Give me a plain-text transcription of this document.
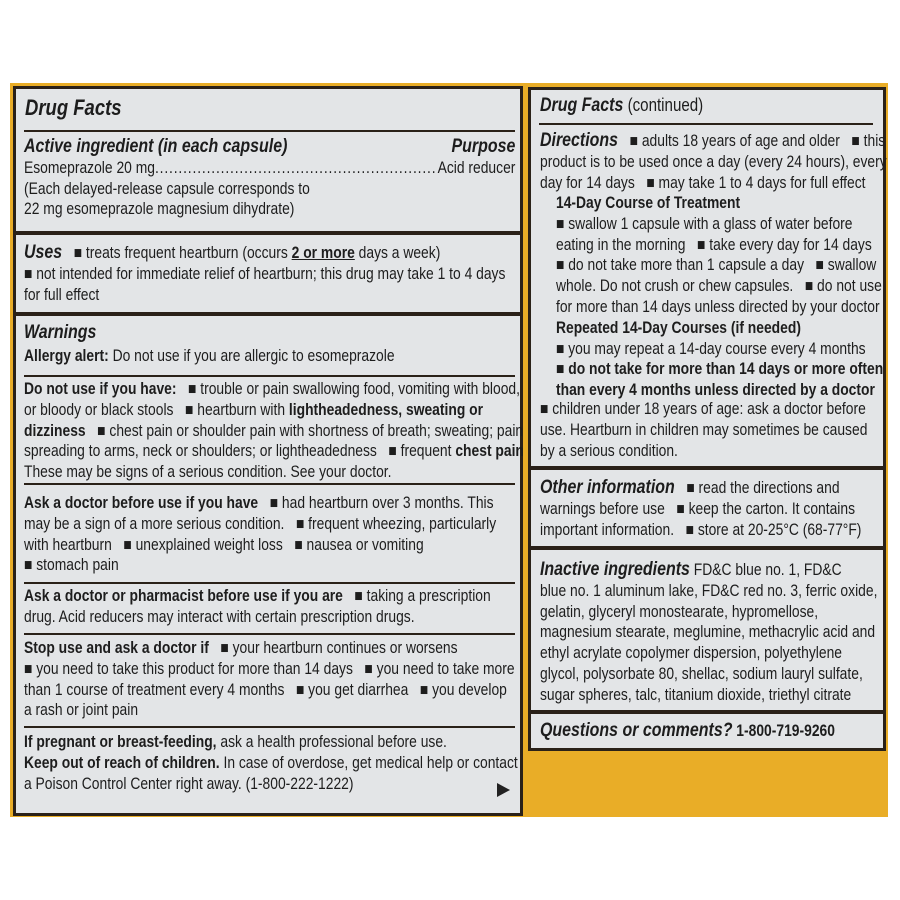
Drug Facts
Active ingredient (in each capsule)	Purpose
Esomeprazole 20 mg .....	Acid reducer
(Each delayed-release capsule corresponds to
22 mg esomeprazole magnesium dihydrate)
Uses   ■ treats frequent heartburn (occurs 2 or more days a week)
■ not intended for immediate relief of heartburn; this drug may take 1 to 4 days
for full effect
Warnings
Allergy alert: Do not use if you are allergic to esomeprazole
Do not use if you have:   ■ trouble or pain swallowing food, vomiting with blood,
or bloody or black stools   ■ heartburn with lightheadedness, sweating or
dizziness   ■ chest pain or shoulder pain with shortness of breath; sweating; pain
spreading to arms, neck or shoulders; or lightheadedness   ■ frequent chest pain
These may be signs of a serious condition. See your doctor.
Ask a doctor before use if you have   ■ had heartburn over 3 months. This
may be a sign of a more serious condition.   ■ frequent wheezing, particularly
with heartburn   ■ unexplained weight loss   ■ nausea or vomiting
■ stomach pain
Ask a doctor or pharmacist before use if you are   ■ taking a prescription
drug. Acid reducers may interact with certain prescription drugs.
Stop use and ask a doctor if   ■ your heartburn continues or worsens
■ you need to take this product for more than 14 days   ■ you need to take more
than 1 course of treatment every 4 months   ■ you get diarrhea   ■ you develop
a rash or joint pain
If pregnant or breast-feeding, ask a health professional before use.
Keep out of reach of children. In case of overdose, get medical help or contact
a Poison Control Center right away. (1-800-222-1222)
Drug Facts (continued)
Directions   ■ adults 18 years of age and older   ■ this
product is to be used once a day (every 24 hours), every
day for 14 days   ■ may take 1 to 4 days for full effect
14-Day Course of Treatment
■ swallow 1 capsule with a glass of water before
eating in the morning   ■ take every day for 14 days
■ do not take more than 1 capsule a day   ■ swallow
whole. Do not crush or chew capsules.   ■ do not use
for more than 14 days unless directed by your doctor
Repeated 14-Day Courses (if needed)
■ you may repeat a 14-day course every 4 months
■ do not take for more than 14 days or more often
than every 4 months unless directed by a doctor
■ children under 18 years of age: ask a doctor before
use. Heartburn in children may sometimes be caused
by a serious condition.
Other information   ■ read the directions and
warnings before use   ■ keep the carton. It contains
important information.   ■ store at 20-25°C (68-77°F)
Inactive ingredients FD&C blue no. 1, FD&C
blue no. 1 aluminum lake, FD&C red no. 3, ferric oxide,
gelatin, glyceryl monostearate, hypromellose,
magnesium stearate, meglumine, methacrylic acid and
ethyl acrylate copolymer dispersion, polyethylene
glycol, polysorbate 80, shellac, sodium lauryl sulfate,
sugar spheres, talc, titanium dioxide, triethyl citrate
Questions or comments? 1-800-719-9260
